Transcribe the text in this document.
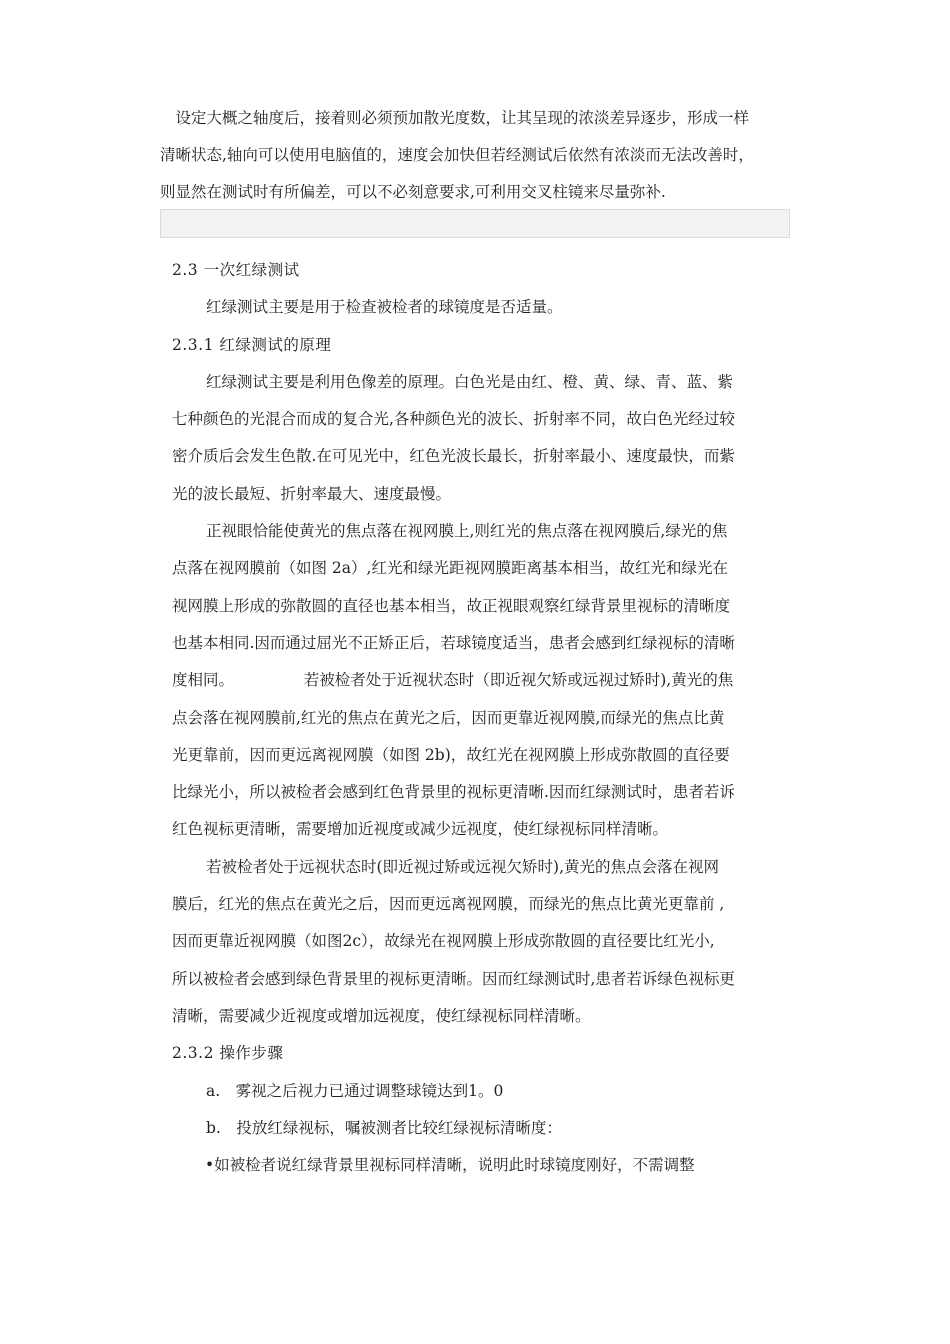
　设定大概之轴度后，接着则必须预加散光度数，让其呈现的浓淡差异逐步，形成一样
清晰状态,轴向可以使用电脑值的，速度会加快但若经测试后依然有浓淡而无法改善时，
则显然在测试时有所偏差，可以不必刻意要求,可利用交叉柱镜来尽量弥补.
2.3 一次红绿测试
红绿测试主要是用于检查被检者的球镜度是否适量。
2.3.1 红绿测试的原理
红绿测试主要是利用色像差的原理。白色光是由红、橙、黄、绿、青、蓝、紫
七种颜色的光混合而成的复合光,各种颜色光的波长、折射率不同，故白色光经过较
密介质后会发生色散.在可见光中，红色光波长最长，折射率最小、速度最快，而紫
光的波长最短、折射率最大、速度最慢。
正视眼恰能使黄光的焦点落在视网膜上,则红光的焦点落在视网膜后,绿光的焦
点落在视网膜前（如图 2a）,红光和绿光距视网膜距离基本相当，故红光和绿光在
视网膜上形成的弥散圆的直径也基本相当，故正视眼观察红绿背景里视标的清晰度
也基本相同.因而通过屈光不正矫正后，若球镜度适当，患者会感到红绿视标的清晰
度相同。　　　　　若被检者处于近视状态时（即近视欠矫或远视过矫时),黄光的焦
点会落在视网膜前,红光的焦点在黄光之后，因而更靠近视网膜,而绿光的焦点比黄
光更靠前，因而更远离视网膜（如图 2b)，故红光在视网膜上形成弥散圆的直径要
比绿光小，所以被检者会感到红色背景里的视标更清晰.因而红绿测试时，患者若诉
红色视标更清晰，需要增加近视度或减少远视度，使红绿视标同样清晰。
若被检者处于远视状态时(即近视过矫或远视欠矫时),黄光的焦点会落在视网
膜后，红光的焦点在黄光之后，因而更远离视网膜，而绿光的焦点比黄光更靠前 ,
因而更靠近视网膜（如图2c），故绿光在视网膜上形成弥散圆的直径要比红光小,
所以被检者会感到绿色背景里的视标更清晰。因而红绿测试时,患者若诉绿色视标更
清晰，需要减少近视度或增加远视度，使红绿视标同样清晰。
2.3.2 操作步骤
a.　雾视之后视力已通过调整球镜达到1。0
b.　投放红绿视标，嘱被测者比较红绿视标清晰度：
•如被检者说红绿背景里视标同样清晰，说明此时球镜度刚好，不需调整
